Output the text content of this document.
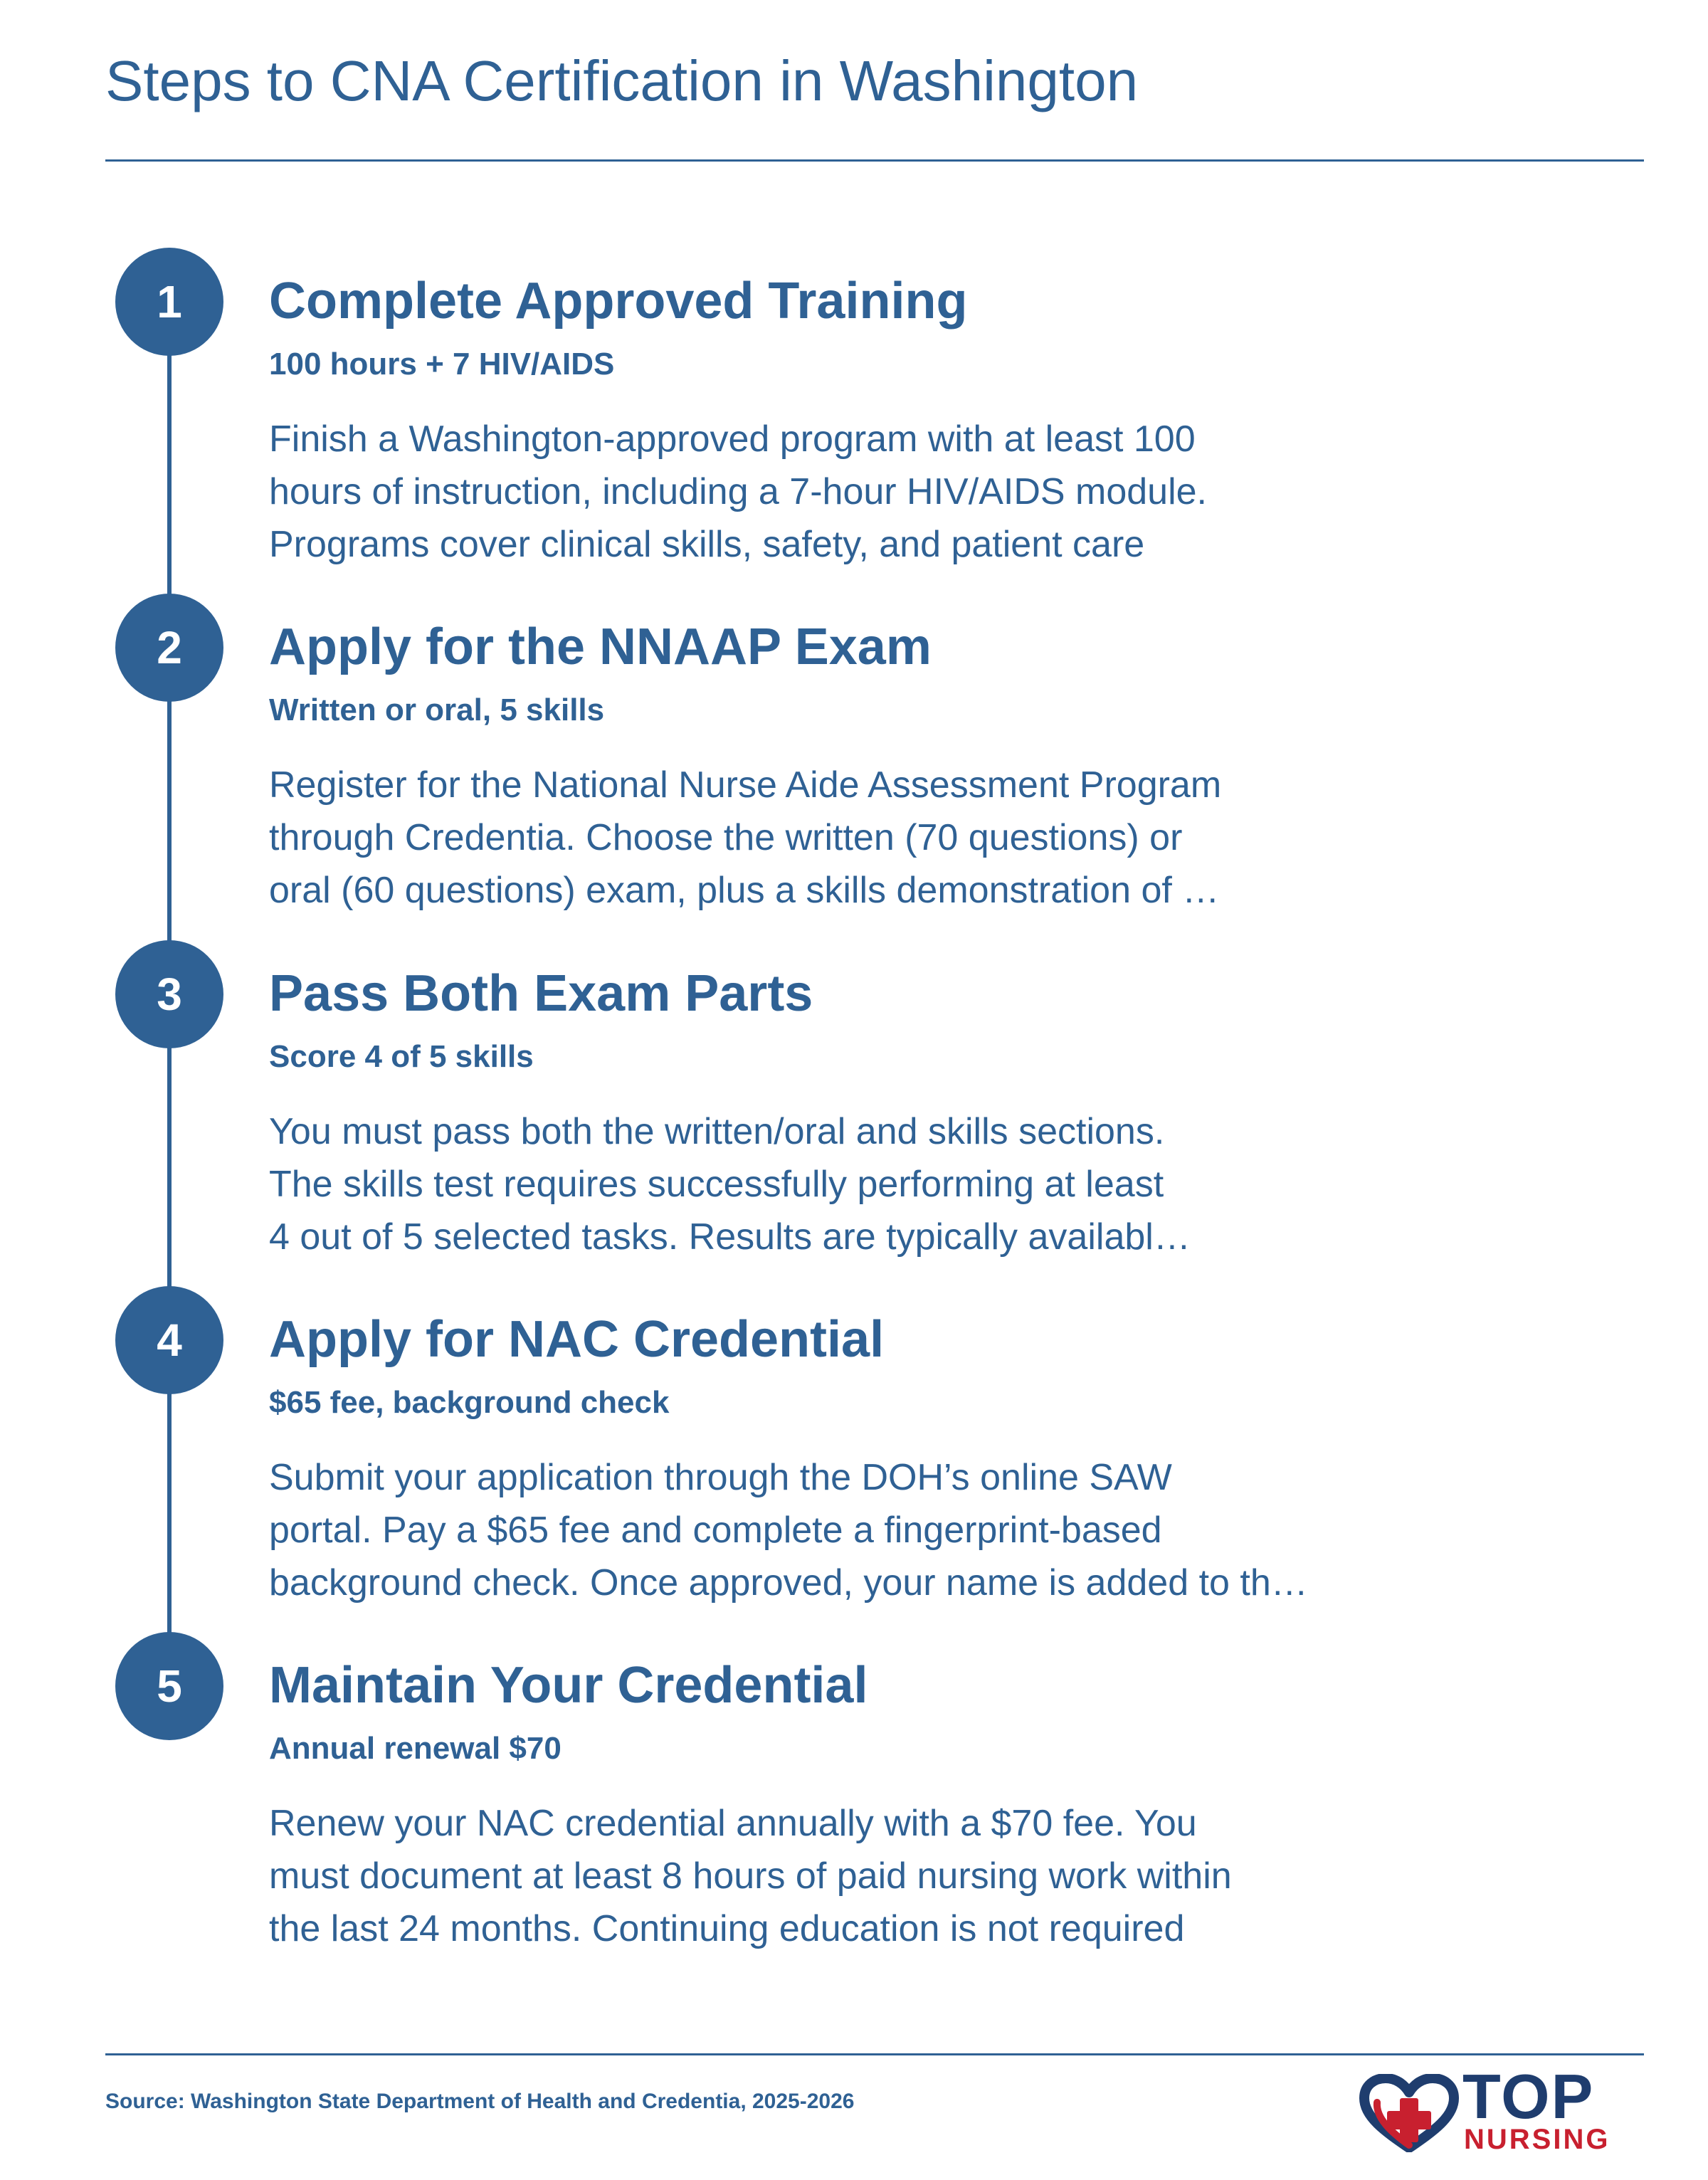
Steps to CNA Certification in Washington
1	Complete Approved Training
100 hours + 7 HIV/AIDS

Finish a Washington-approved program with at least 100
hours of instruction, including a 7-hour HIV/AIDS module.
Programs cover clinical skills, safety, and patient care

2	Apply for the NNAAP Exam
Written or oral, 5 skills

Register for the National Nurse Aide Assessment Program
through Credentia. Choose the written (70 questions) or
oral (60 questions) exam, plus a skills demonstration of …

3	Pass Both Exam Parts
Score 4 of 5 skills

You must pass both the written/oral and skills sections.
The skills test requires successfully performing at least
4 out of 5 selected tasks. Results are typically availabl…

4	Apply for NAC Credential
$65 fee, background check

Submit your application through the DOH’s online SAW
portal. Pay a $65 fee and complete a fingerprint-based
background check. Once approved, your name is added to th…

5	Maintain Your Credential
Annual renewal $70

Renew your NAC credential annually with a $70 fee. You
must document at least 8 hours of paid nursing work within
the last 24 months. Continuing education is not required

Source: Washington State Department of Health and Credentia, 2025-2026	TOP
NURSING
